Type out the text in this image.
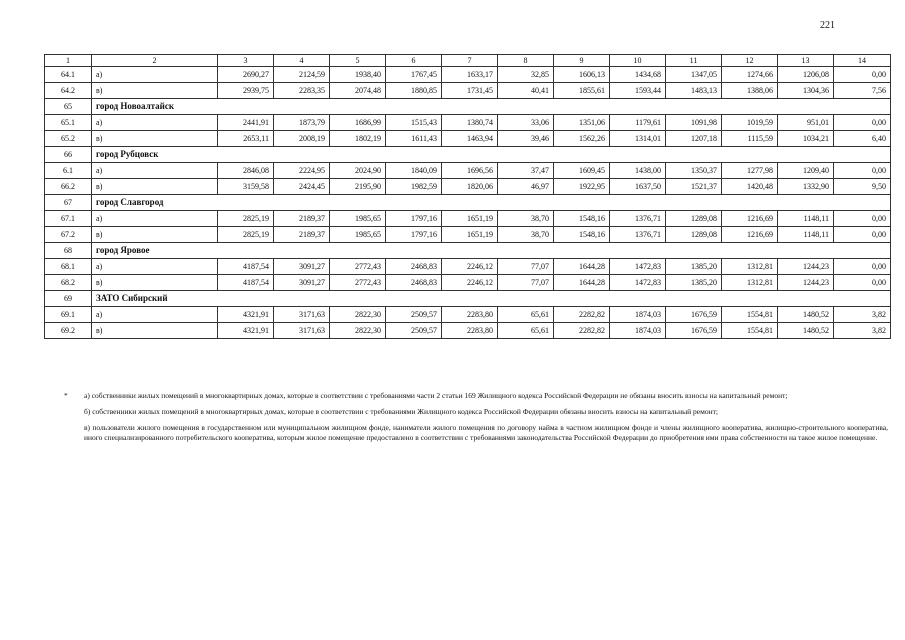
221
1	2	3	4	5	6	7	8	9	10	11	12	13	14
64.1	а)	2690,27	2124,59	1938,40	1767,45	1633,17	32,85	1606,13	1434,68	1347,05	1274,66	1206,08	0,00
64.2	в)	2939,75	2283,35	2074,48	1880,85	1731,45	40,41	1855,61	1593,44	1483,13	1388,06	1304,36	7,56
65	город Новоалтайск												
65.1	а)	2441,91	1873,79	1686,99	1515,43	1380,74	33,06	1351,06	1179,61	1091,98	1019,59	951,01	0,00
65.2	в)	2653,11	2008,19	1802,19	1611,43	1463,94	39,46	1562,26	1314,01	1207,18	1115,59	1034,21	6,40
66	город Рубцовск												
6.1	а)	2846,08	2224,95	2024,90	1840,09	1696,56	37,47	1609,45	1438,00	1350,37	1277,98	1209,40	0,00
66.2	в)	3159,58	2424,45	2195,90	1982,59	1820,06	46,97	1922,95	1637,50	1521,37	1420,48	1332,90	9,50
67	город Славгород												
67.1	а)	2825,19	2189,37	1985,65	1797,16	1651,19	38,70	1548,16	1376,71	1289,08	1216,69	1148,11	0,00
67.2	в)	2825,19	2189,37	1985,65	1797,16	1651,19	38,70	1548,16	1376,71	1289,08	1216,69	1148,11	0,00
68	город Яровое												
68.1	а)	4187,54	3091,27	2772,43	2468,83	2246,12	77,07	1644,28	1472,83	1385,20	1312,81	1244,23	0,00
68.2	в)	4187,54	3091,27	2772,43	2468,83	2246,12	77,07	1644,28	1472,83	1385,20	1312,81	1244,23	0,00
69	ЗАТО Сибирский												
69.1	а)	4321,91	3171,63	2822,30	2509,57	2283,80	65,61	2282,82	1874,03	1676,59	1554,81	1480,52	3,82
69.2	в)	4321,91	3171,63	2822,30	2509,57	2283,80	65,61	2282,82	1874,03	1676,59	1554,81	1480,52	3,82
* а) собственники жилых помещений в многоквартирных домах, которые в соответствии с требованиями части 2 статьи 169 Жилищного кодекса Российской Федерации не обязаны вносить взносы на капитальный ремонт;

б) собственники жилых помещений в многоквартирных домах, которые в соответствии с требованиями Жилищного кодекса Российской Федерации обязаны вносить взносы на капитальный ремонт;

в) пользователи жилого помещения в государственном или муниципальном жилищном фонде, наниматели жилого помещения по договору найма в частном жилищном фонде и члены жилищного кооператива, жилищно-строительного кооператива, иного специализированного потребительского кооператива, которым жилое помещение предоставлено в соответствии с требованиями законодательства Российской Федерации до приобретения ими права собственности на такое жилое помещение.
